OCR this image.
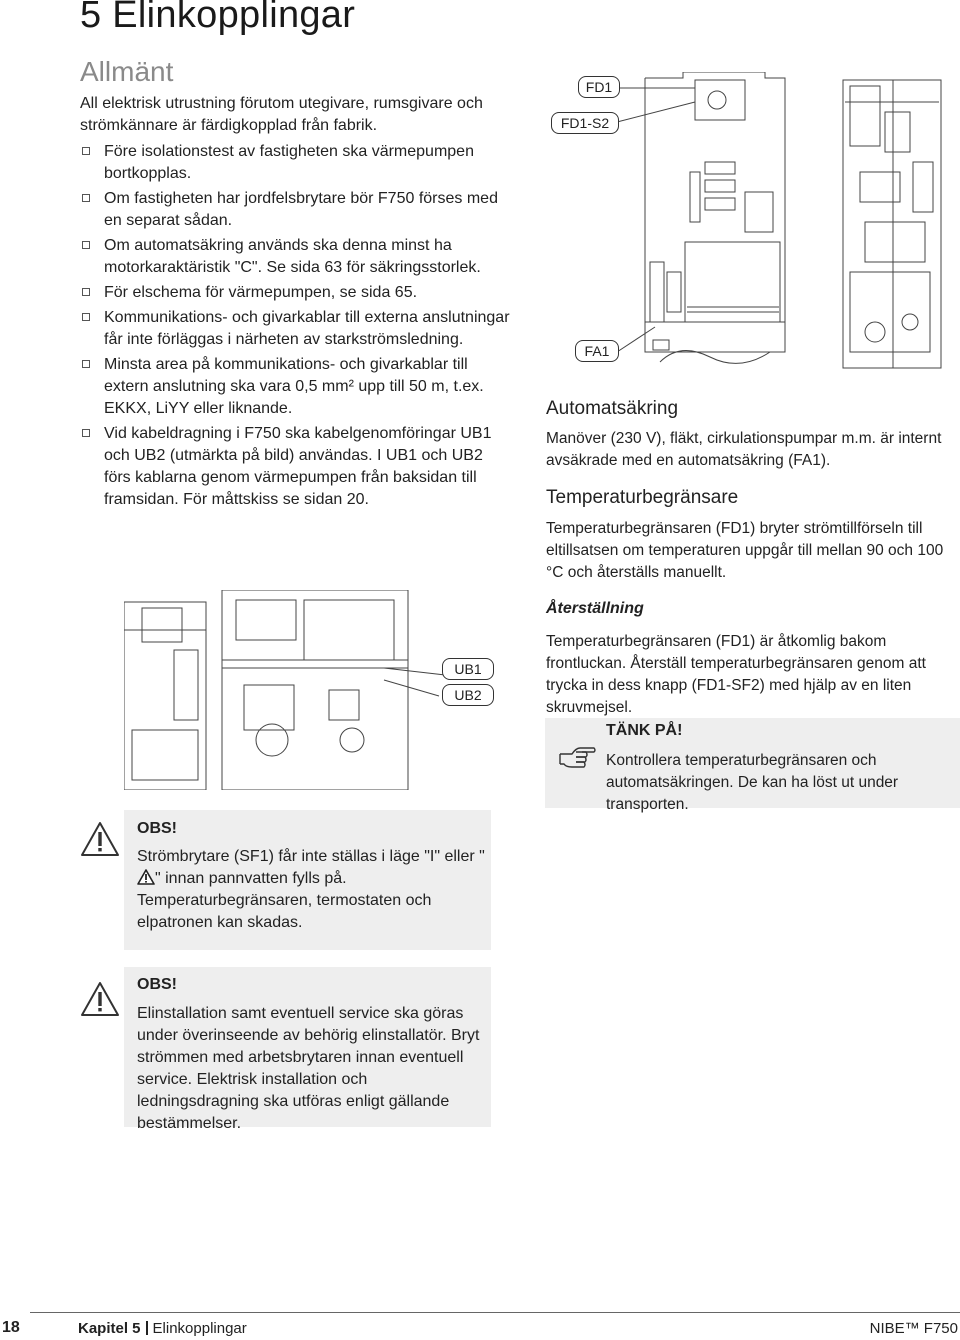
5 Elinkopplingar
Allmänt

All elektrisk utrustning förutom utegivare, rumsgivare och strömkännare är färdigkopplad från fabrik.

Före isolationstest av fastigheten ska värmepumpen bortkopplas.
Om fastigheten har jordfelsbrytare bör F750 förses med en separat sådan.
Om automatsäkring används ska denna minst ha motorkaraktäristik "C". Se sida 63 för säkringsstorlek.
För elschema för värmepumpen, se sida 65.
Kommunikations- och givarkablar till externa anslutningar får inte förläggas i närheten av starkströmsledning.
Minsta area på kommunikations- och givarkablar till extern anslutning ska vara 0,5 mm² upp till 50 m, t.ex. EKKX, LiYY eller liknande.
Vid kabeldragning i F750 ska kabelgenomföringar UB1 och UB2 (utmärkta på bild) användas. I UB1 och UB2 förs kablarna genom värmepumpen från baksidan till framsidan. För måttskiss se sidan 20.
FD1
FD1-S2
FA1
UB1
UB2
Automatsäkring
Manöver (230 V), fläkt, cirkulationspumpar m.m. är internt avsäkrade med en automatsäkring (FA1).
Temperaturbegränsare
Temperaturbegränsaren (FD1) bryter strömtillförseln till eltillsatsen om temperaturen uppgår till mellan 90 och 100 °C och återställs manuellt.
Återställning
Temperaturbegränsaren (FD1) är åtkomlig bakom frontluckan. Återställ temperaturbegränsaren genom att trycka in dess knapp (FD1-SF2) med hjälp av en liten skruvmejsel.
TÄNK PÅ!
Kontrollera temperaturbegränsaren och automatsäkringen. De kan ha löst ut under transporten.
OBS!
Strömbrytare (SF1) får inte ställas i läge "I" eller "" innan pannvatten fylls på. Temperaturbegränsaren, termostaten och elpatronen kan skadas.
OBS!
Elinstallation samt eventuell service ska göras under överinseende av behörig elinstallatör. Bryt strömmen med arbetsbrytaren innan eventuell service. Elektrisk installation och ledningsdragning ska utföras enligt gällande bestämmelser.
18	Kapitel 5 Elinkopplingar	NIBE™ F750
